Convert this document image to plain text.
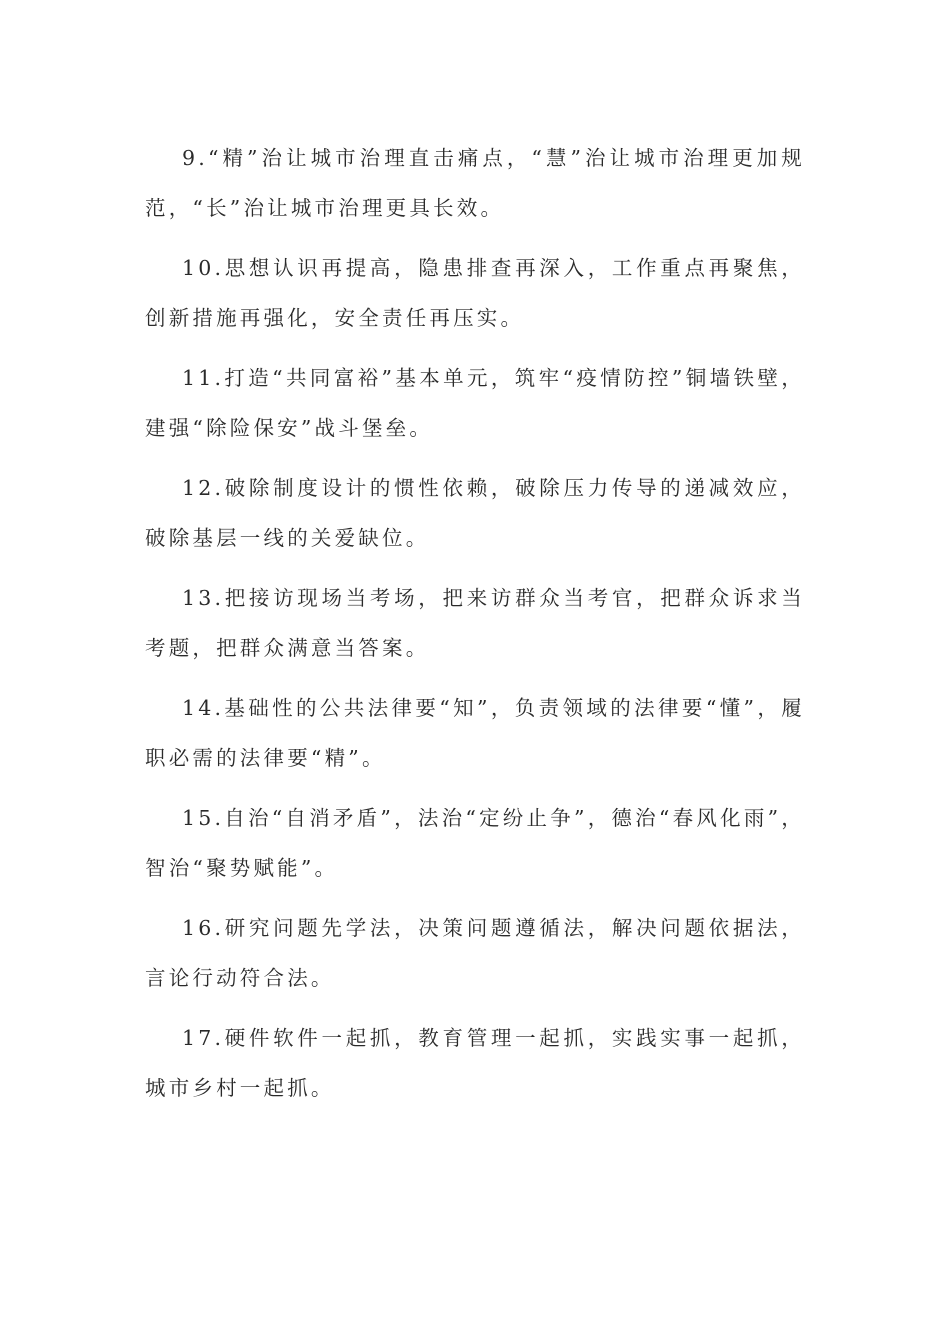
9.“精”治让城市治理直击痛点，“慧”治让城市治理更加规范，“长”治让城市治理更具长效。

10.思想认识再提高，隐患排查再深入，工作重点再聚焦，创新措施再强化，安全责任再压实。

11.打造“共同富裕”基本单元，筑牢“疫情防控”铜墙铁壁，建强“除险保安”战斗堡垒。

12.破除制度设计的惯性依赖，破除压力传导的递减效应，破除基层一线的关爱缺位。

13.把接访现场当考场，把来访群众当考官，把群众诉求当考题，把群众满意当答案。

14.基础性的公共法律要“知”，负责领域的法律要“懂”，履职必需的法律要“精”。

15.自治“自消矛盾”，法治“定纷止争”，德治“春风化雨”，智治“聚势赋能”。

16.研究问题先学法，决策问题遵循法，解决问题依据法，言论行动符合法。

17.硬件软件一起抓，教育管理一起抓，实践实事一起抓，城市乡村一起抓。
